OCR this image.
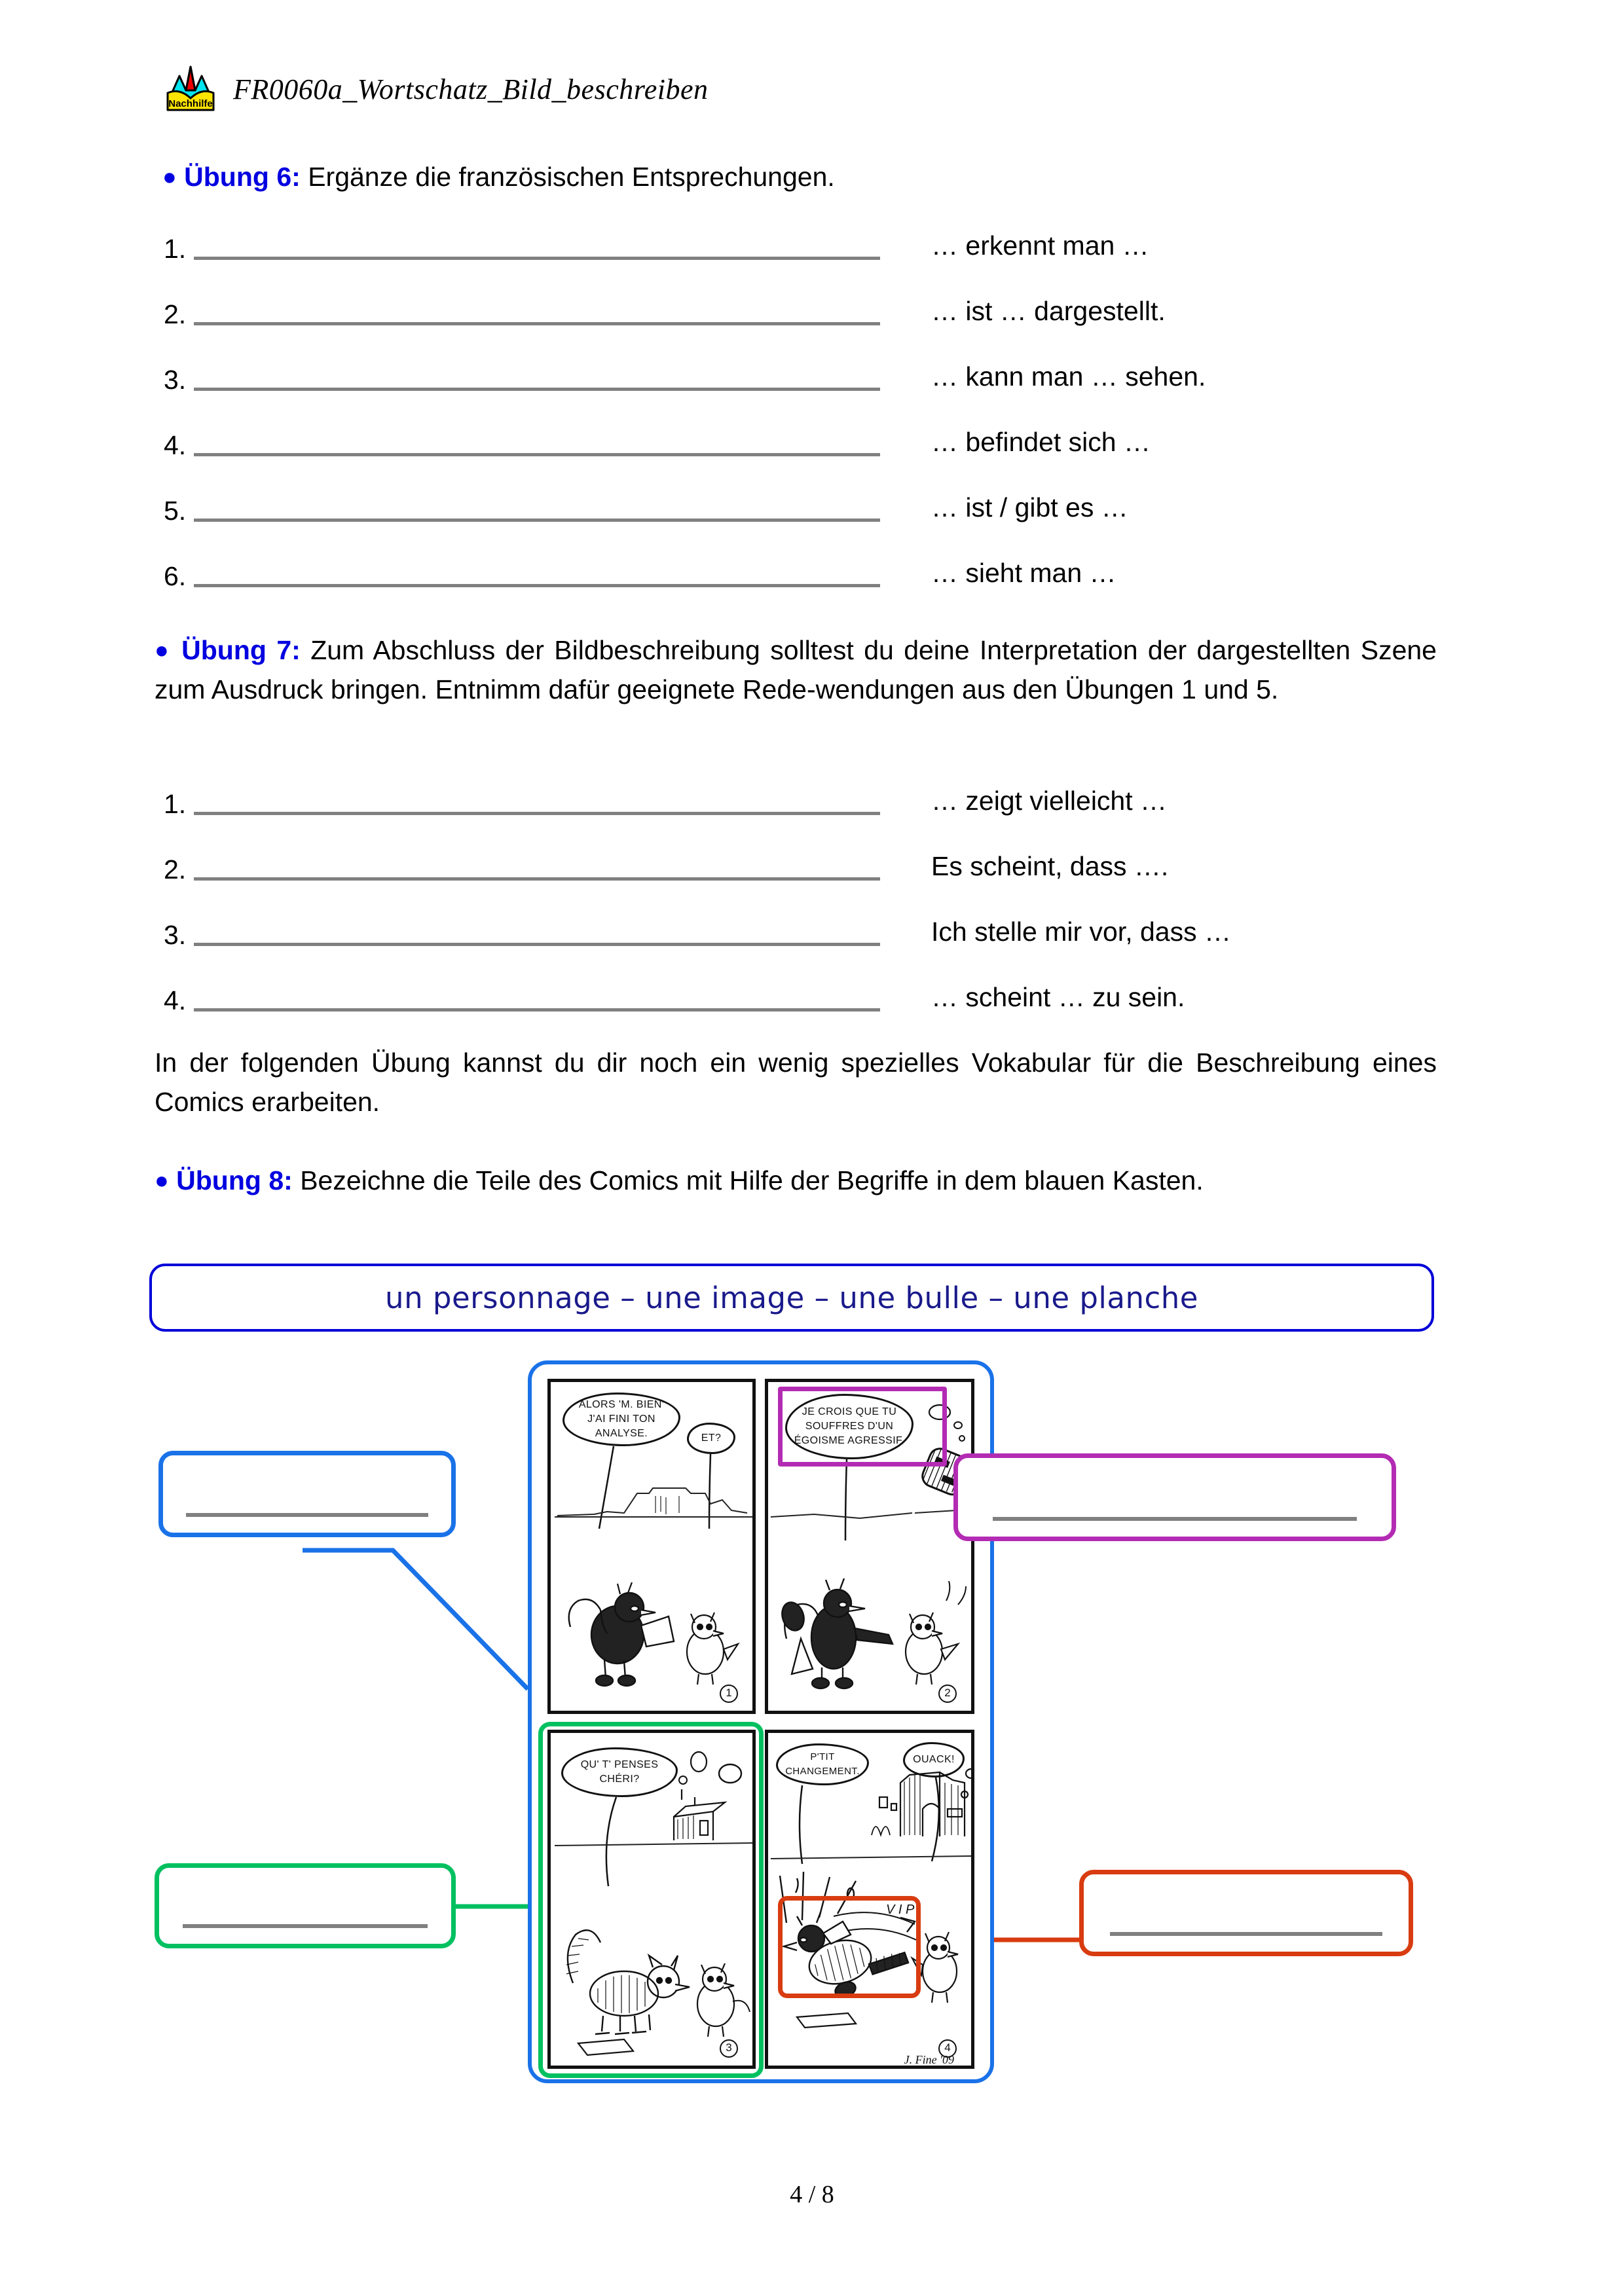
Nachhilfe FR0060a_Wortschatz_Bild_beschreiben
● Übung 6: Ergänze die französischen Entsprechungen.
1.	… erkennt man …
2.	… ist … dargestellt.
3.	… kann man … sehen.
4.	… befindet sich …
5.	… ist / gibt es …
6.	… sieht man …
● Übung 7: Zum Abschluss der Bildbeschreibung solltest du deine Interpretation der dargestellten Szene zum Ausdruck bringen. Entnimm dafür geeignete Rede-wendungen aus den Übungen 1 und 5.
1.	… zeigt vielleicht …
2.	Es scheint, dass ….
3.	Ich stelle mir vor, dass …
4.	… scheint … zu sein.
In der folgenden Übung kannst du dir noch ein wenig spezielles Vokabular für die Beschreibung eines Comics erarbeiten.
● Übung 8: Bezeichne die Teile des Comics mit Hilfe der Begriffe in dem blauen Kasten.
un personnage – une image – une bulle – une planche
ALORS 'M. BIEN' J'AI FINI TON ANALYSE.	ET?
1
JE CROIS QUE TU SOUFFRES D'UN ÉGOISME AGRESSIF.
2
QU' T' PENSES CHÉRI?
3
P'TIT CHANGEMENT.
OUACK!
V I P
4
J. Fine '09
4 / 8
